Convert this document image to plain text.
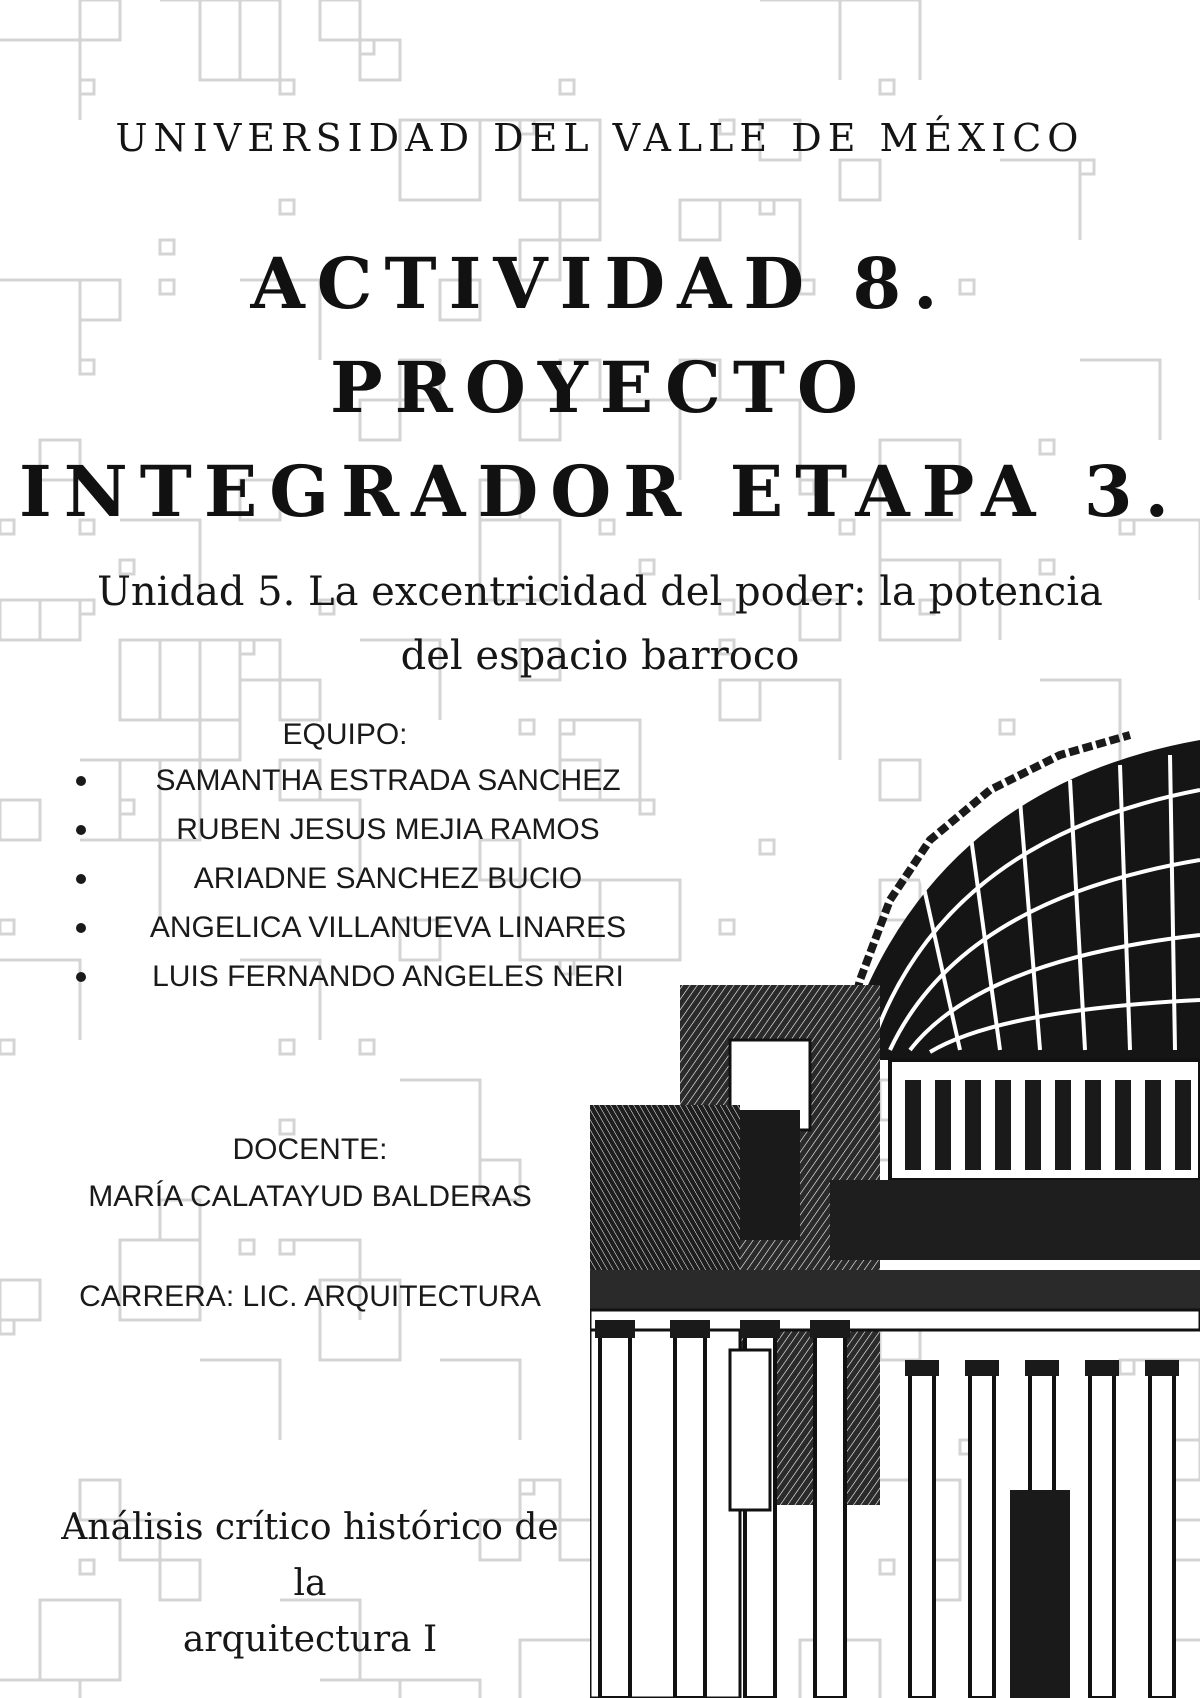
UNIVERSIDAD DEL VALLE DE MÉXICO
ACTIVIDAD 8.
PROYECTO
INTEGRADOR ETAPA 3.
Unidad 5. La excentricidad del poder: la potencia
del espacio barroco
EQUIPO:
SAMANTHA ESTRADA SANCHEZ
RUBEN JESUS MEJIA RAMOS
ARIADNE SANCHEZ BUCIO
ANGELICA VILLANUEVA LINARES
LUIS FERNANDO ANGELES NERI
DOCENTE:
MARÍA CALATAYUD BALDERAS
CARRERA: LIC. ARQUITECTURA
Análisis crítico histórico de la
arquitectura I
